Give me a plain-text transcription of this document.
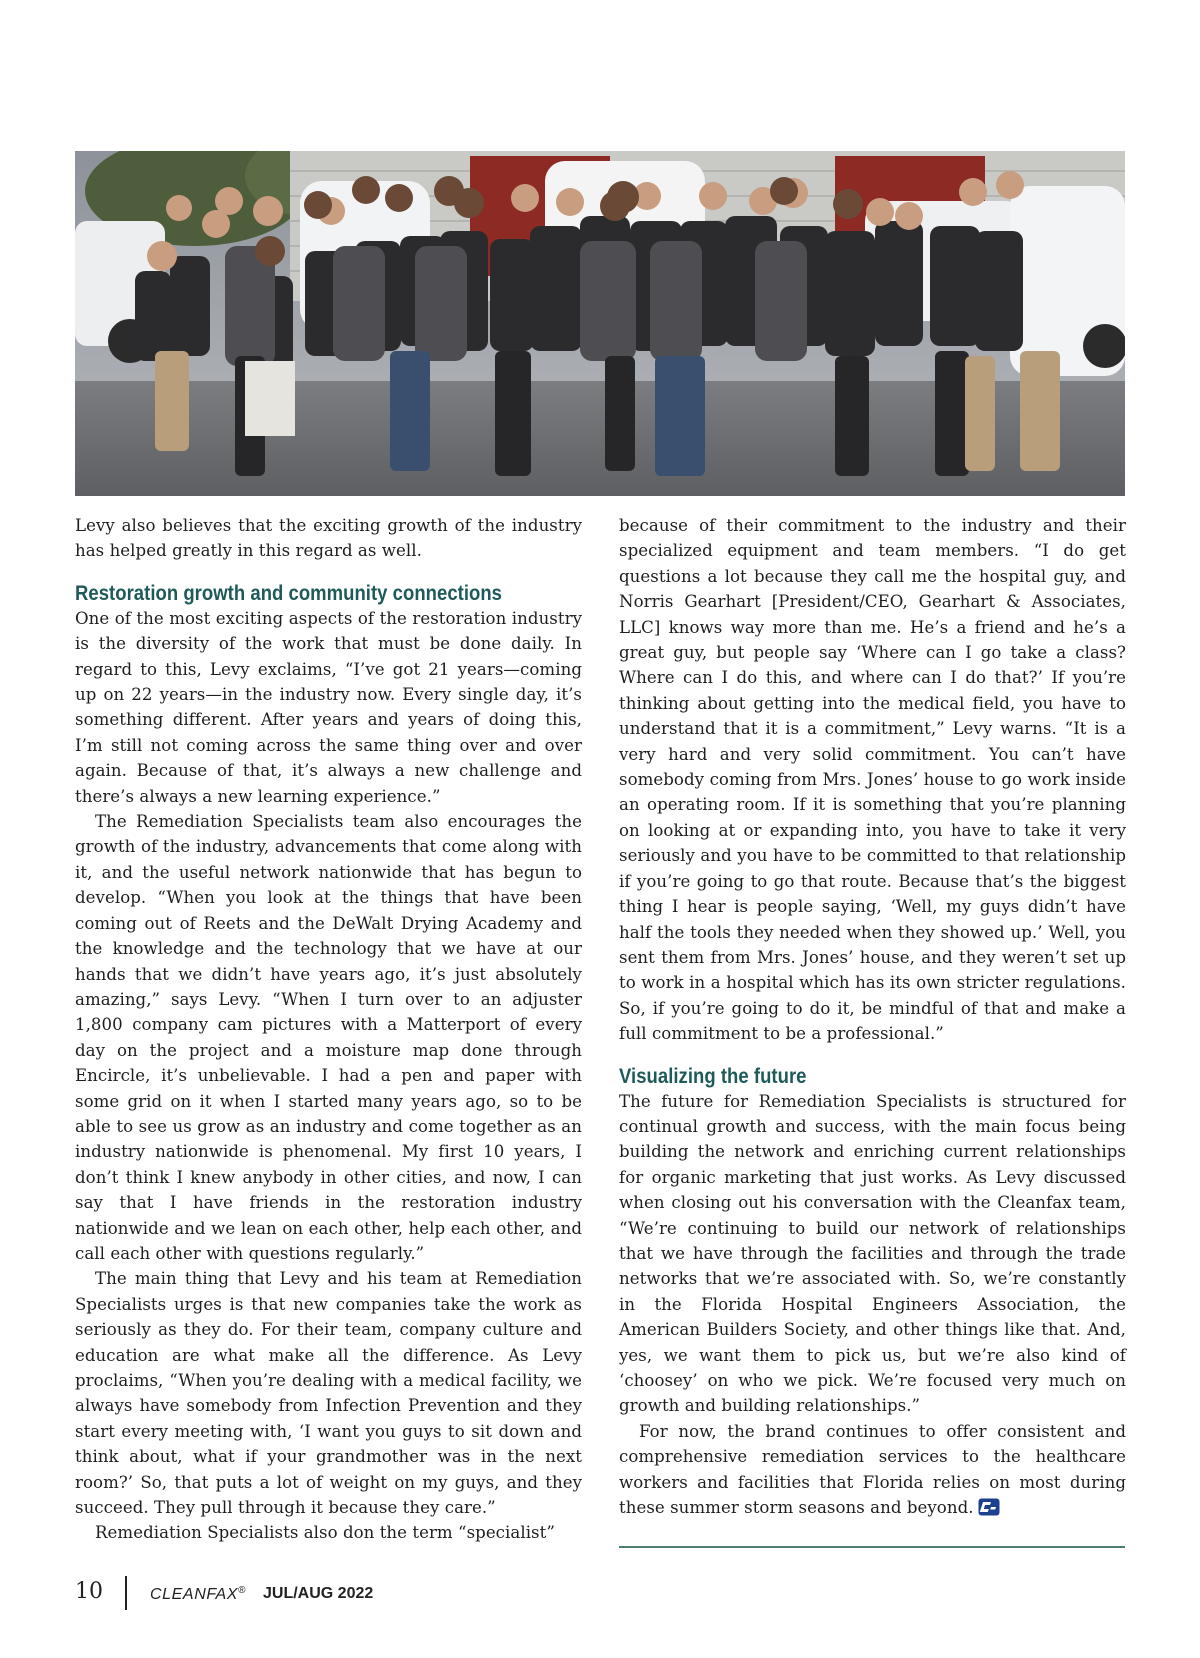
Levy also believes that the exciting growth of the industry has helped greatly in this regard as well.

Restoration growth and community connections

One of the most exciting aspects of the restoration industry is the diversity of the work that must be done daily. In regard to this, Levy exclaims, “I’ve got 21 years—coming up on 22 years—in the industry now. Every single day, it’s something different. After years and years of doing this, I’m still not coming across the same thing over and over again. Because of that, it’s always a new challenge and there’s always a new learning experience.”

The Remediation Specialists team also encourages the growth of the industry, advancements that come along with it, and the useful network nationwide that has begun to develop. “When you look at the things that have been coming out of Reets and the DeWalt Drying Academy and the knowledge and the technology that we have at our hands that we didn’t have years ago, it’s just absolutely amazing,” says Levy. “When I turn over to an adjuster 1,800 company cam pictures with a Matterport of every day on the project and a moisture map done through Encircle, it’s unbelievable. I had a pen and paper with some grid on it when I started many years ago, so to be able to see us grow as an industry and come together as an industry nationwide is phenomenal. My first 10 years, I don’t think I knew anybody in other cities, and now, I can say that I have friends in the restoration industry nationwide and we lean on each other, help each other, and call each other with questions regularly.”

The main thing that Levy and his team at Remediation Specialists urges is that new companies take the work as seriously as they do. For their team, company culture and education are what make all the difference. As Levy proclaims, “When you’re dealing with a medical facility, we always have somebody from Infection Prevention and they start every meeting with, ‘I want you guys to sit down and think about, what if your grandmother was in the next room?’ So, that puts a lot of weight on my guys, and they succeed. They pull through it because they care.”

Remediation Specialists also don the term “specialist”

because of their commitment to the industry and their specialized equipment and team members. “I do get questions a lot because they call me the hospital guy, and Norris Gearhart [President/CEO, Gearhart & Associates, LLC] knows way more than me. He’s a friend and he’s a great guy, but people say ‘Where can I go take a class? Where can I do this, and where can I do that?’ If you’re thinking about getting into the medical field, you have to understand that it is a commitment,” Levy warns. “It is a very hard and very solid commitment. You can’t have somebody coming from Mrs. Jones’ house to go work inside an operating room. If it is something that you’re planning on looking at or expanding into, you have to take it very seriously and you have to be committed to that relationship if you’re going to go that route. Because that’s the biggest thing I hear is people saying, ‘Well, my guys didn’t have half the tools they needed when they showed up.’ Well, you sent them from Mrs. Jones’ house, and they weren’t set up to work in a hospital which has its own stricter regulations. So, if you’re going to do it, be mindful of that and make a full commitment to be a professional.”

Visualizing the future

The future for Remediation Specialists is structured for continual growth and success, with the main focus being building the network and enriching current relationships for organic marketing that just works. As Levy discussed when closing out his conversation with the Cleanfax team, “We’re continuing to build our network of relationships that we have through the facilities and through the trade networks that we’re associated with. So, we’re constantly in the Florida Hospital Engineers Association, the American Builders Society, and other things like that. And, yes, we want them to pick us, but we’re also kind of ‘choosey’ on who we pick. We’re focused very much on growth and building relationships.”

For now, the brand continues to offer consistent and comprehensive remediation services to the healthcare workers and facilities that Florida relies on most during these summer storm seasons and beyond.

10	CLEANFAX® JUL/AUG 2022
